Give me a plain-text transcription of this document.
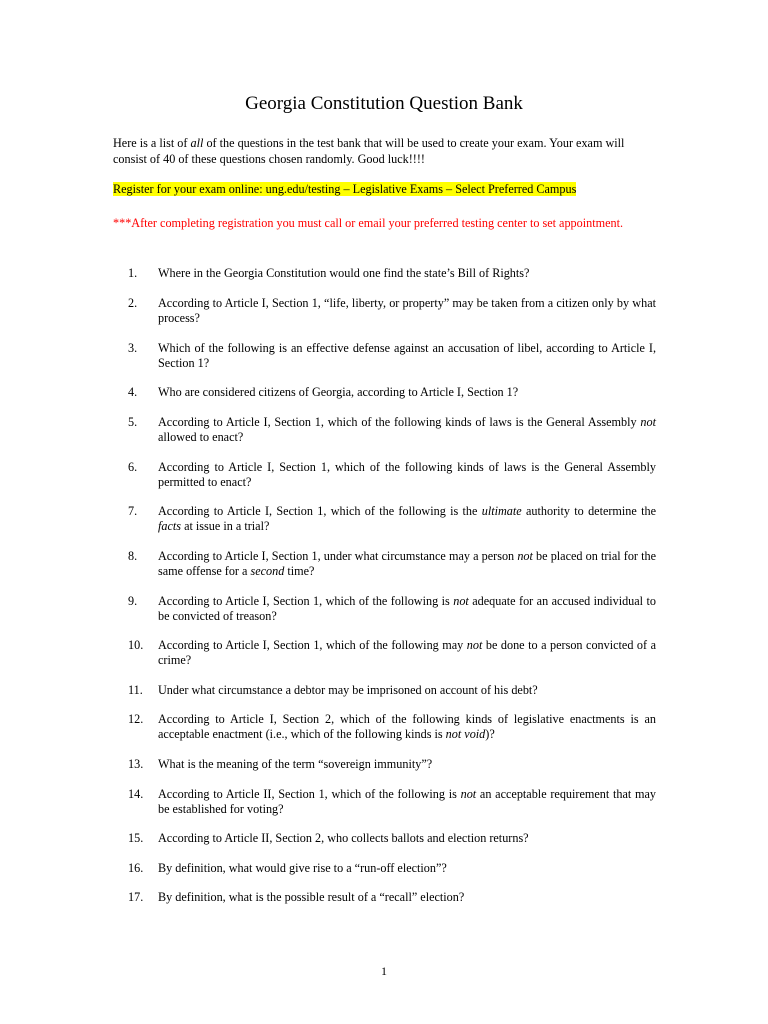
Georgia Constitution Question Bank
Here is a list of all of the questions in the test bank that will be used to create your exam. Your exam will consist of 40 of these questions chosen randomly. Good luck!!!!
Register for your exam online: ung.edu/testing – Legislative Exams – Select Preferred Campus
***After completing registration you must call or email your preferred testing center to set appointment.
1. Where in the Georgia Constitution would one find the state’s Bill of Rights?
2. According to Article I, Section 1, “life, liberty, or property” may be taken from a citizen only by what process?
3. Which of the following is an effective defense against an accusation of libel, according to Article I, Section 1?
4. Who are considered citizens of Georgia, according to Article I, Section 1?
5. According to Article I, Section 1, which of the following kinds of laws is the General Assembly not allowed to enact?
6. According to Article I, Section 1, which of the following kinds of laws is the General Assembly permitted to enact?
7. According to Article I, Section 1, which of the following is the ultimate authority to determine the facts at issue in a trial?
8. According to Article I, Section 1, under what circumstance may a person not be placed on trial for the same offense for a second time?
9. According to Article I, Section 1, which of the following is not adequate for an accused individual to be convicted of treason?
10. According to Article I, Section 1, which of the following may not be done to a person convicted of a crime?
11. Under what circumstance a debtor may be imprisoned on account of his debt?
12. According to Article I, Section 2, which of the following kinds of legislative enactments is an acceptable enactment (i.e., which of the following kinds is not void)?
13. What is the meaning of the term “sovereign immunity”?
14. According to Article II, Section 1, which of the following is not an acceptable requirement that may be established for voting?
15. According to Article II, Section 2, who collects ballots and election returns?
16. By definition, what would give rise to a “run-off election”?
17. By definition, what is the possible result of a “recall” election?
1
